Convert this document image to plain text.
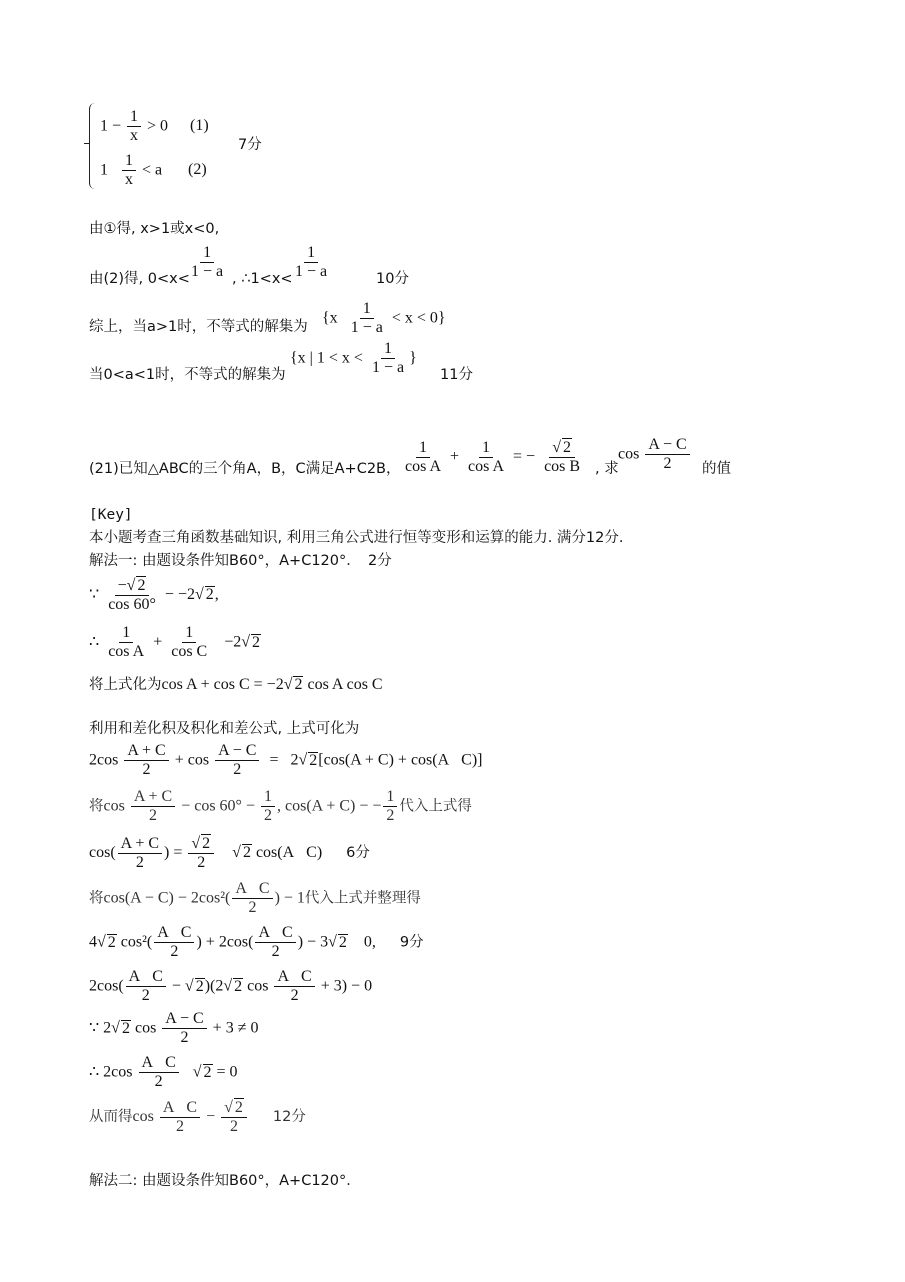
$1 - \frac{1}{x} > 0$ (1)
$1 \frac{1}{x} < a$ (2)
7分
由①得, x>1或x<0,
由(2)得, 0<x<
$\frac{1}{1 - a}$ , ∴1<x< $\frac{1}{1 - a}$	10分
综上，当a>1时，不等式的解集为
$\{x \frac{1}{1 - a} < x < 0\}$
当0<a<1时，不等式的解集为
{x | $1 < x < \frac{1}{1 - a}$ }
11分
(21)已知△ABC的三个角A，B，C满足A+C2B， $\frac{1}{\text{cos A}} + \frac{1}{\text{cos A}}$ = − $\frac{√ 2}{\text{cos B}}$ , 求
$\cos \frac{A - C}{2}$ 的值
[Key]
本小题考查三角函数基础知识, 利用三角公式进行恒等变形和运算的能力. 满分12分.
解法一: 由题设条件知B60°，A+C120°．　2分
∵ $\frac{-√ 2}{\cos 60^\circ} - -2√$ 2,
∴ $\frac{1}{\text{cos A}} + \frac{1}{\text{cos C}} -2√$ 2
将上式化为cos A + cos C = −2√ 2 cos A cos C
利用和差化积及积化和差公式, 上式可化为
$2\cos \frac{A + C}{2} + \cos \frac{A - C}{2} = 2√$ 2[cos(A + C) + cos(A   C)]
将$\cos \frac{A + C}{2} - \cos 60^\circ - \frac{1}{2}$ , cos(A + C) − − $\frac{1}{2}$ 代入上式得
$\cos( \frac{A + C}{2}$ ) = $\frac{√ 2}{2}$ √ 2 cos(A   C)      6分
将$\cos(A - C) - 2\cos^2( \frac{\text{A   C}}{2}$ ) − 1代入上式并整理得
4√ 2 $\cos^2( \frac{\text{A   C}}{2}$ ) + $2\cos( \frac{\text{A   C}}{2}$ ) − 3√ 2    0,      9分
$2\cos( \frac{\text{A   C}}{2}$ − √ 2)(2√ 2 $\cos \frac{\text{A   C}}{2} + 3) - 0$
∵ 2√ 2 $\cos \frac{A - C}{2} + 3 \ne 0$
∴ $2\cos \frac{\text{A   C}}{2}$ √ 2 = 0
从而得$\cos \frac{\text{A   C}}{2} - \frac{√ 2}{2} 12$分
解法二: 由题设条件知B60°，A+C120°．
